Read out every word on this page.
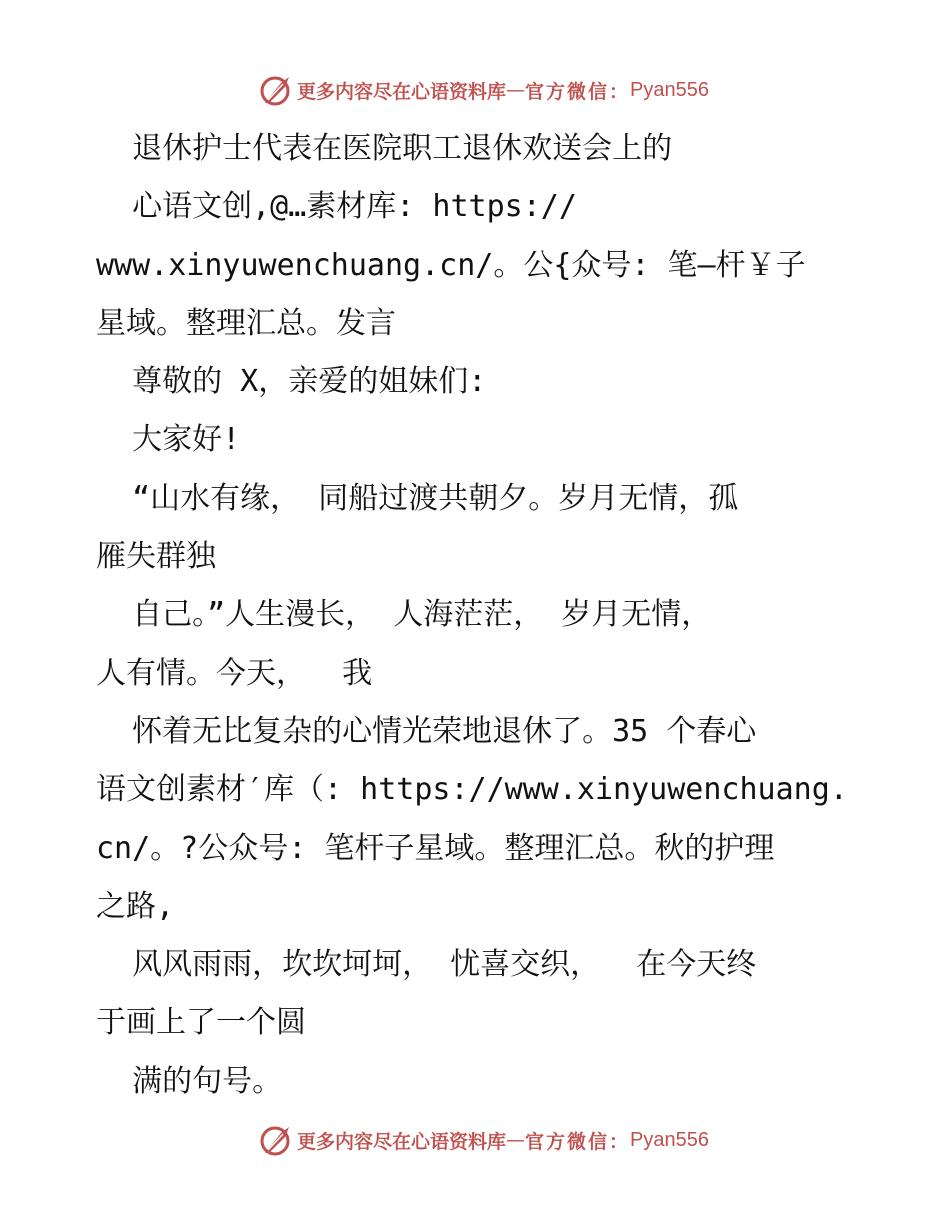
更多内容尽在心语资料库 — 官方微信： Pyan556
退休护士代表在医院职工退休欢送会上的
心语文创,@…素材库: https://
www.xinyuwenchuang.cn/。公{众号: 笔—杆￥子
星域。整理汇总。发言
尊敬的 X，亲爱的姐妹们:
大家好!
“山水有缘， 同船过渡共朝夕。岁月无情，孤
雁失群独
自己。”人生漫长， 人海茫茫， 岁月无情，
人有情。今天，  我
怀着无比复杂的心情光荣地退休了。35 个春心
语文创素材′库（: https://www.xinyuwenchuang.
cn/。?公众号: 笔杆子星域。整理汇总。秋的护理
之路,
风风雨雨，坎坎坷坷， 忧喜交织，  在今天终
于画上了一个圆
满的句号。
更多内容尽在心语资料库 — 官方微信： Pyan556
